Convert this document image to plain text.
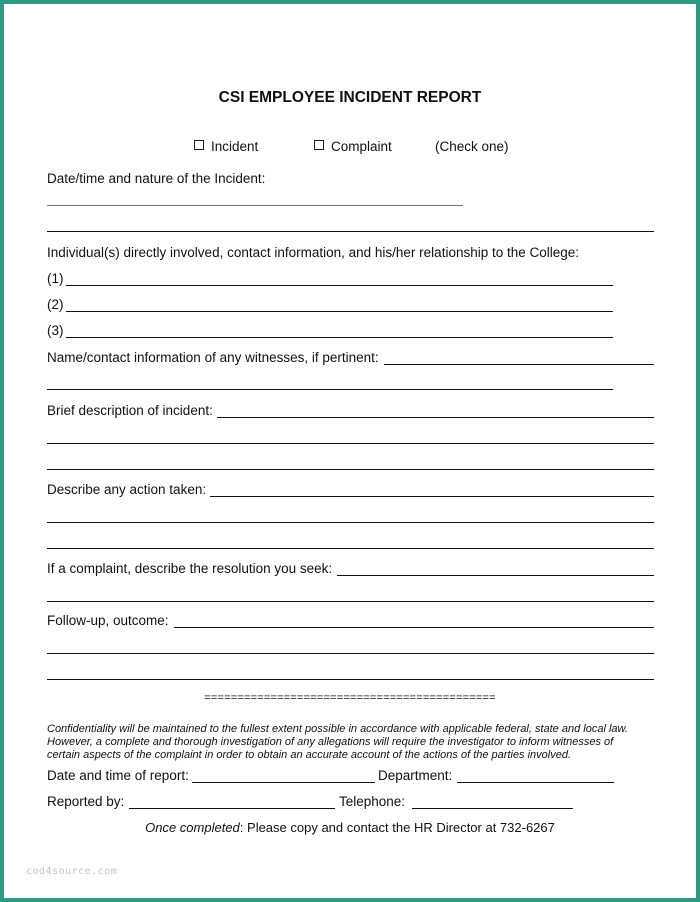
CSI EMPLOYEE INCIDENT REPORT
Incident	Complaint	(Check one)
Date/time and nature of the Incident:
Individual(s) directly involved, contact information, and his/her relationship to the College:
(1)
(2)
(3)
Name/contact information of any witnesses, if pertinent:
Brief description of incident:
Describe any action taken:
If a complaint, describe the resolution you seek:
Follow-up, outcome:
============================================
Confidentiality will be maintained to the fullest extent possible in accordance with applicable federal, state and local law.
However, a complete and thorough investigation of any allegations will require the investigator to inform witnesses of
certain aspects of the complaint in order to obtain an accurate account of the actions of the parties involved.
Date and time of report:	Department:
Reported by:	Telephone:
Once completed: Please copy and contact the HR Director at 732-6267
cod4source.com
